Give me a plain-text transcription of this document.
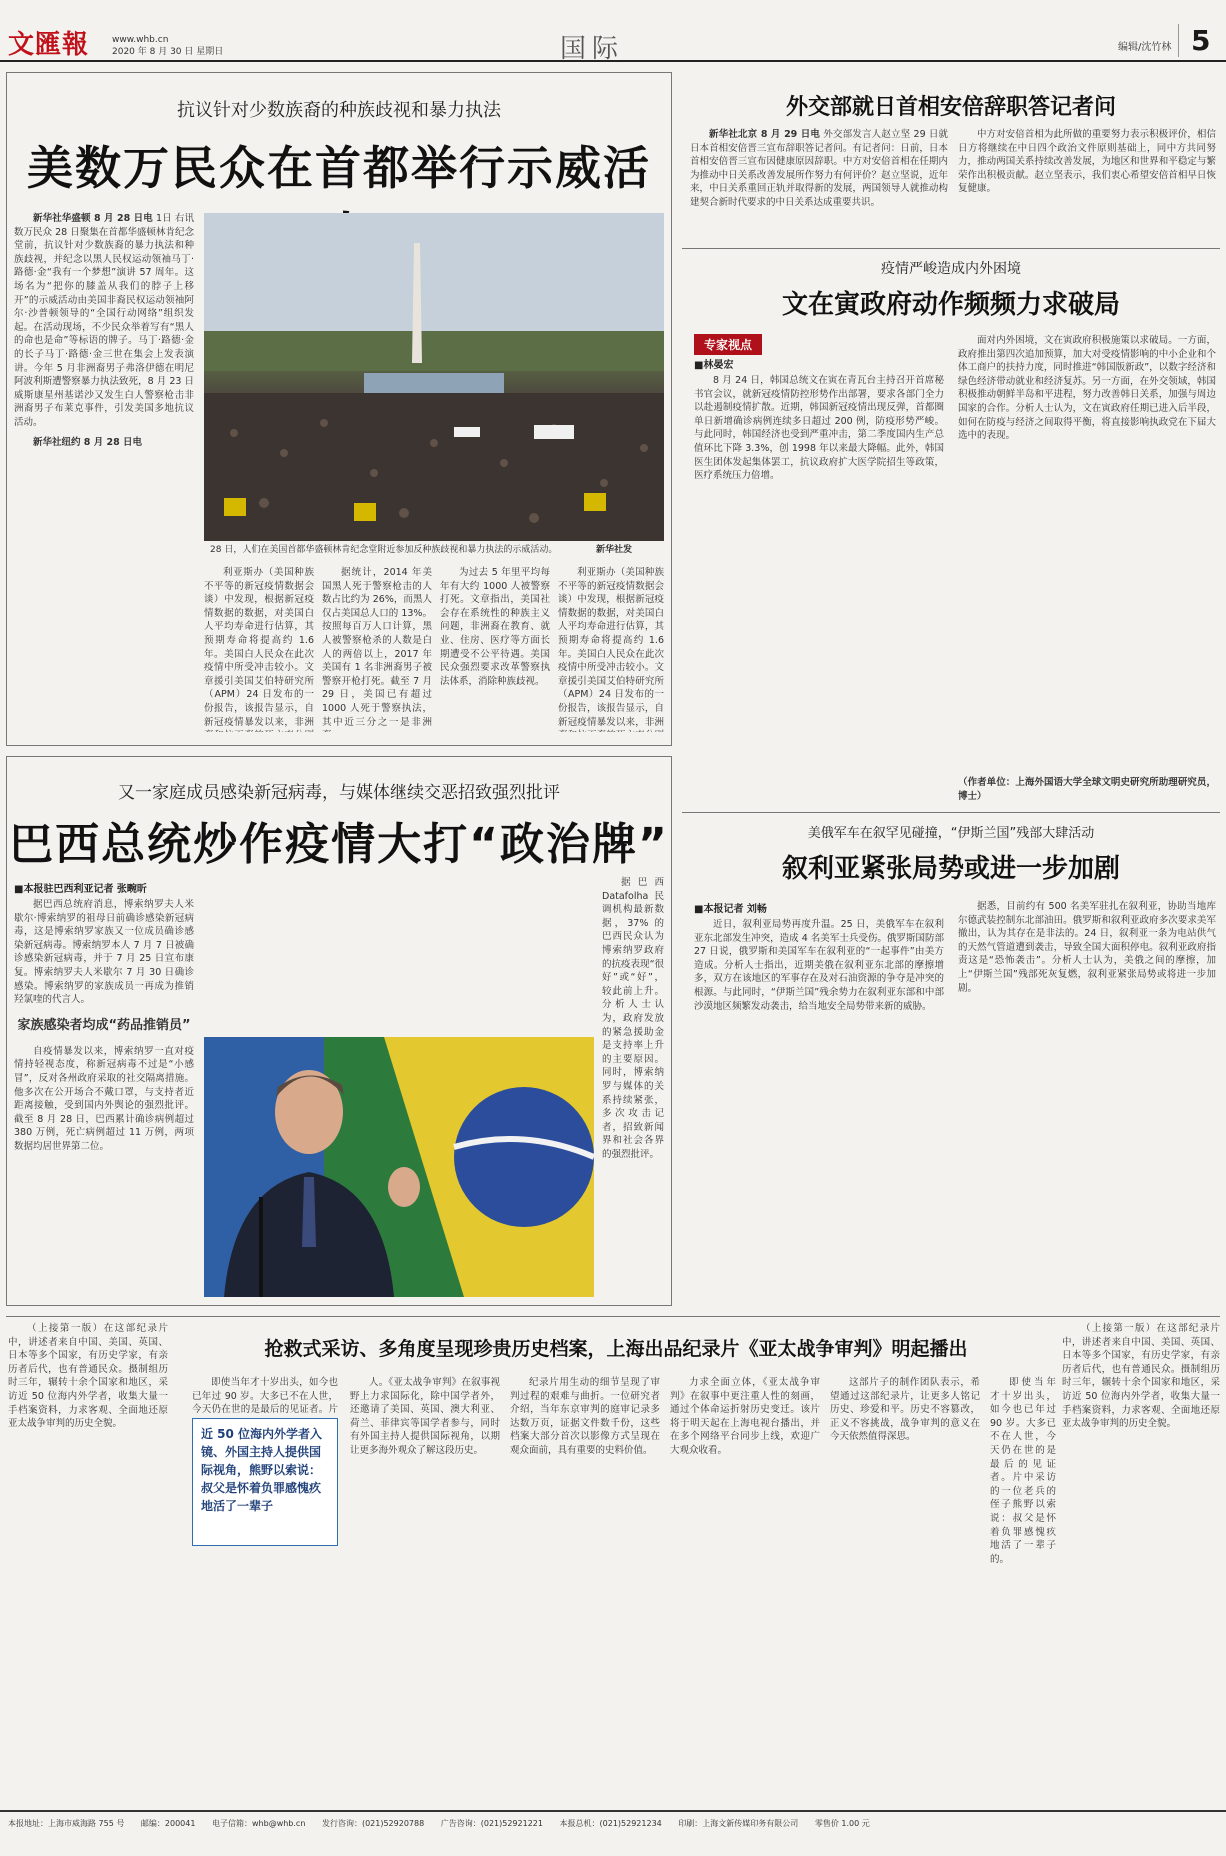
文匯報	www.whb.cn
2020 年 8 月 30 日 星期日	国际	编辑/沈竹林 5
抗议针对少数族裔的种族歧视和暴力执法
美数万民众在首都举行示威活

新华社华盛顿 8 月 28 日电 1日 右讯 数万民众 28 日聚集在首都华盛顿林肯纪念堂前，抗议针对少数族裔的暴力执法和种族歧视，并纪念以黑人民权运动领袖马丁·路德·金“我有一个梦想”演讲 57 周年。这场名为“把你的膝盖从我们的脖子上移开”的示威活动由美国非裔民权运动领袖阿尔·沙普顿领导的“全国行动网络”组织发起。在活动现场，不少民众举着写有“黑人的命也是命”等标语的牌子。马丁·路德·金的长子马丁·路德·金三世在集会上发表演讲。今年 5 月非洲裔男子弗洛伊德在明尼阿波利斯遭警察暴力执法致死，8 月 23 日威斯康星州基诺沙又发生白人警察枪击非洲裔男子布莱克事件，引发美国多地抗议活动。

新华社纽约 8 月 28 日电

28 日，人们在美国首都华盛顿林肯纪念堂附近参加反种族歧视和暴力执法的示威活动。	新华社发

利亚斯办（美国种族不平等的新冠疫情数据会谈）中发现，根据新冠疫情数据的数据，对美国白人平均寿命进行估算，其预期寿命将提高约 1.6 年。美国白人民众在此次疫情中所受冲击较小。文章援引美国艾伯特研究所（APM）24 日发布的一份报告，该报告显示，自新冠疫情暴发以来，非洲

据统计，2014 年美国黑人死于警察枪击的人数占比约为 26%，而黑人仅占美国总人口的 13%。按照每百万人口计算，黑人被警察枪杀的人数是白人的两倍以上，2017 年美国有 1 名非洲裔男子被警察开枪打死。截至 7 月 29 日，美国已有超过 1000 人死于警察执法，其中近三分之一是非洲

为过去 5 年里平均每年有大约 1000 人被警察打死。文章指出，美国社会存在系统性的种族主义问题，非洲裔在教育、就业、住房、医疗等方面长期遭受不公平待遇。美国民众强烈要求改革警察执法体系，消除种族歧视。

利亚斯办（美国种族不平等的新冠疫情数据会谈）中发现，根据新冠疫情数据的数据，对美国白人平均寿命进行估算，其预期寿命将提高约 1.6 年。美国白人民众在此次疫情中所受冲击较小。文章援引美国艾伯特研究所（APM）24 日发布的一份报告，该报告显示，自新冠疫情暴发以来，非洲

又一家庭成员感染新冠病毒，与媒体继续交恶招致强烈批评
巴西总统炒作疫情大打“政治牌”
■本报驻巴西利亚记者 张畹昕

据巴西总统府消息，博索纳罗夫人米歇尔·博索纳罗的祖母日前确诊感染新冠病毒，这是博索纳罗家族又一位成员确诊感染新冠病毒。博索纳罗本人 7 月 7 日被确诊感染新冠病毒，并于 7 月 25 日宣布康复。博索纳罗夫人米歇尔 7 月 30 日确诊感染。博索纳罗的家族成员一再成为推销羟氯喹的代言人。

家族感染者均成“药品推销员”

自疫情暴发以来，博索纳罗一直对疫情持轻视态度，称新冠病毒不过是“小感冒”，反对各州政府采取的社交隔离措施。他多次在公开场合不戴口罩，与支持者近距离接触，受到国内外舆论的强烈批评。截至 8 月 28 日，巴西累计确诊病例超过 380 万例，死亡病例超过 11 万例，两项数据均居世界第二位。

据巴西 Datafolha 民调机构最新数据，37% 的巴西民众认为博索纳罗政府的抗疫表现“很好”或“好”，较此前上升。分析人士认为，政府发放的紧急援助金是支持率上升的主要原因。同时，博索纳罗与媒体的关系持续紧张，多次攻击记者，招致新闻界和社会各界的强烈批评。

外交部就日首相安倍辞职答记者问

新华社北京 8 月 29 日电 外交部发言人赵立坚 29 日就日本首相安倍晋三宣布辞职答记者问。有记者问：日前，日本首相安倍晋三宣布因健康原因辞职。中方对安倍首相在任期内为推动中日关系改善发展所作努力有何评价？赵立坚说，近年来，中日关系重回正轨并取得新的发展，两国领导人就推动构建契合新时代要求的中日关系达成重要共识。

中方对安倍首相为此所做的重要努力表示积极评价，相信日方将继续在中日四个政治文件原则基础上，同中方共同努力，推动两国关系持续改善发展，为地区和世界和平稳定与繁荣作出积极贡献。赵立坚表示，我们衷心希望安倍首相早日恢复健康。

疫情严峻造成内外困境
文在寅政府动作频频力求破局
专家视点
■林晏宏

8 月 24 日，韩国总统文在寅在青瓦台主持召开首席秘书官会议，就新冠疫情防控形势作出部署，要求各部门全力以赴遏制疫情扩散。近期，韩国新冠疫情出现反弹，首都圈单日新增确诊病例连续多日超过 200 例，防疫形势严峻。与此同时，韩国经济也受到严重冲击，第二季度国内生产总值环比下降 3.3%，创 1998 年以来最大降幅。此外，韩国医生团体发起集体罢工，抗议政府扩大医学院招生等政策，医疗系统压力倍增。

面对内外困境，文在寅政府积极施策以求破局。一方面，政府推出第四次追加预算，加大对受疫情影响的中小企业和个体工商户的扶持力度，同时推进“韩国版新政”，以数字经济和绿色经济带动就业和经济复苏。另一方面，在外交领域，韩国积极推动朝鲜半岛和平进程，努力改善韩日关系，加强与周边国家的合作。分析人士认为，文在寅政府任期已进入后半段，如何在防疫与经济之间取得平衡，将直接影响执政党在下届大选中的表现。

（作者单位：上海外国语大学全球文明史研究所助理研究员，博士）
美俄军车在叙罕见碰撞，“伊斯兰国”残部大肆活动
叙利亚紧张局势或进一步加剧
■本报记者 刘畅

近日，叙利亚局势再度升温。25 日，美俄军车在叙利亚东北部发生冲突，造成 4 名美军士兵受伤。俄罗斯国防部 27 日说，俄罗斯和美国军车在叙利亚的“一起事件”由美方造成。分析人士指出，近期美俄在叙利亚东北部的摩擦增多，双方在该地区的军事存在及对石油资源的争夺是冲突的根源。与此同时，“伊斯兰国”残余势力在叙利亚东部和中部沙漠地区频繁发动袭击，给当地安全局势带来新的威胁。

据悉，目前约有 500 名美军驻扎在叙利亚，协助当地库尔德武装控制东北部油田。俄罗斯和叙利亚政府多次要求美军撤出，认为其存在是非法的。24 日，叙利亚一条为电站供气的天然气管道遭到袭击，导致全国大面积停电。叙利亚政府指责这是“恐怖袭击”。分析人士认为，美俄之间的摩擦，加上“伊斯兰国”残部死灰复燃，叙利亚紧张局势或将进一步加剧。

（上接第一版）在这部纪录片中，讲述者来自中国、美国、英国、日本等多个国家，有历史学家，有亲历者后代，也有普通民众。摄制组历时三年，辗转十余个国家和地区，采访近 50 位海内外学者，收集大量一手档案资料，力求客观、全面地还原亚太战争审判的历史全貌。

抢救式采访、多角度呈现珍贵历史档案，上海出品纪录片《亚太战争审判》明起播出
近 50 位海内外学者入镜、外国主持人提供国际视角，熊野以索说：叔父是怀着负罪感愧疚地活了一辈子

即使当年才十岁出头，如今也已年过 90 岁。大多已不在人世，今天仍在世的是最后的见证者。片

人。《亚太战争审判》在叙事视野上力求国际化，除中国学者外，还邀请了美国、英国、澳大利亚、荷兰、菲律宾等国学者参与，同时有外国主持人提供国际视角，以期让更多海外观众了解这段历史。

纪录片用生动的细节呈现了审判过程的艰难与曲折。一位研究者介绍，当年东京审判的庭审记录多达数万页，证据文件数千份，这些档案大部分首次以影像方式呈现在观众面前，具有重要的史料价值。

力求全面立体，《亚太战争审判》在叙事中更注重人性的刻画，通过个体命运折射历史变迁。该片将于明天起在上海电视台播出，并在多个网络平台同步上线，欢迎广大观众收看。

这部片子的制作团队表示，希望通过这部纪录片，让更多人铭记历史、珍爱和平。历史不容篡改，正义不容挑战，战争审判的意义在今天依然值得深思。

（上接第一版）在这部纪录片中，讲述者来自中国、美国、英国、日本等多个国家，有历史学家，有亲历者后代，也有普通民众。摄制组历时三年，辗转十余个国家和地区，采访近 50 位海内外学者，收集大量一手档案资料，力求客观、全面地还原亚太战争审判的历史全貌。

即使当年才十岁出头，如今也已年过 90 岁。大多已不在人世，今天仍在世的是最后的见证者。片中采访的一位老兵的侄子熊野以索说：叔父是怀着负罪感愧疚地活了一辈子的。

本报地址：上海市威海路 755 号 邮编：200041 电子信箱：whb@whb.cn 发行咨询：(021)52920788 广告咨询：(021)52921221 本报总机：(021)52921234 印刷：上海文新传媒印务有限公司 零售价 1.00 元
